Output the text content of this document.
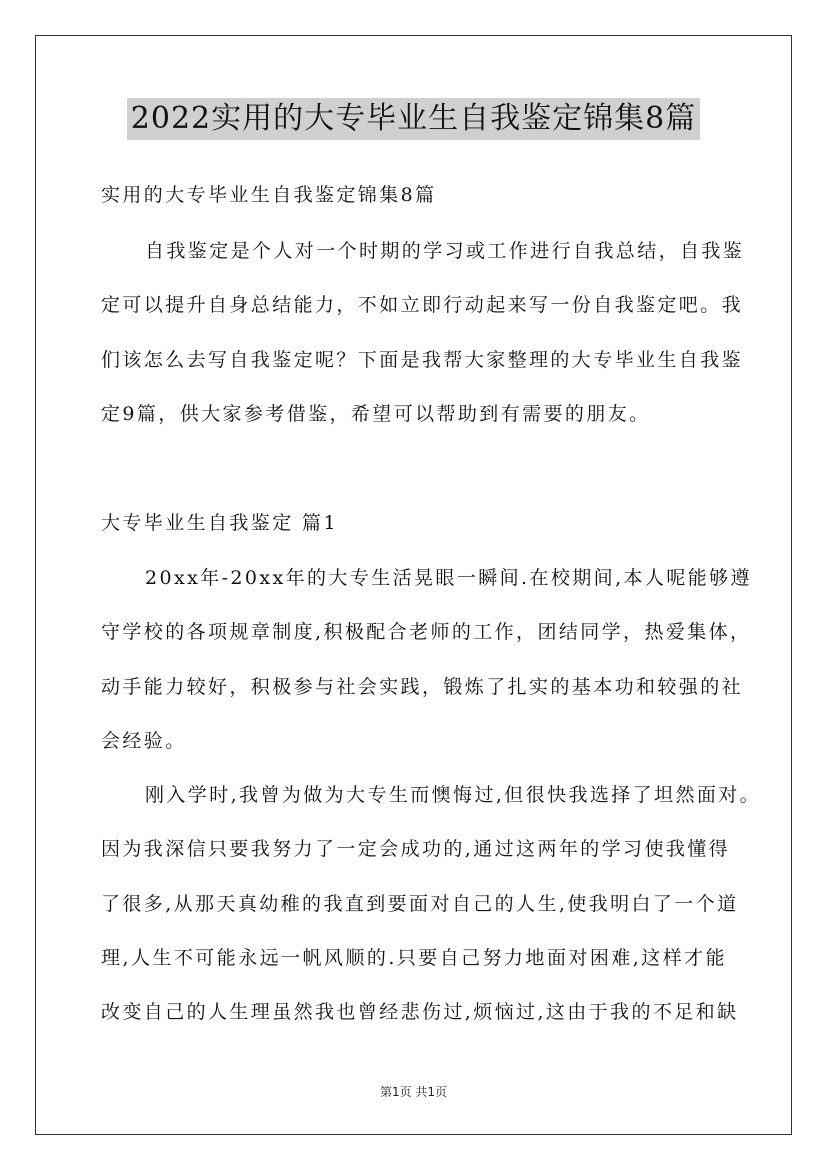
2022实用的大专毕业生自我鉴定锦集8篇
实用的大专毕业生自我鉴定锦集8篇
自我鉴定是个人对一个时期的学习或工作进行自我总结，自我鉴
定可以提升自身总结能力，不如立即行动起来写一份自我鉴定吧。我
们该怎么去写自我鉴定呢？下面是我帮大家整理的大专毕业生自我鉴
定9篇，供大家参考借鉴，希望可以帮助到有需要的朋友。
大专毕业生自我鉴定 篇1
20xx年-20xx年的大专生活晃眼一瞬间.在校期间,本人呢能够遵
守学校的各项规章制度,积极配合老师的工作，团结同学，热爱集体，
动手能力较好，积极参与社会实践，锻炼了扎实的基本功和较强的社
会经验。
刚入学时,我曾为做为大专生而懊悔过,但很快我选择了坦然面对。
因为我深信只要我努力了一定会成功的,通过这两年的学习使我懂得
了很多,从那天真幼稚的我直到要面对自己的人生,使我明白了一个道
理,人生不可能永远一帆风顺的.只要自己努力地面对困难,这样才能
改变自己的人生理虽然我也曾经悲伤过,烦恼过,这由于我的不足和缺
第1页 共1页
